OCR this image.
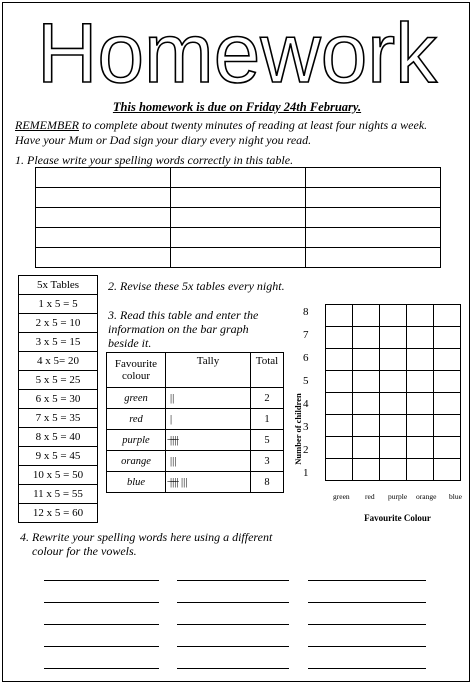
Homework
This homework is due on Friday 24th February.
REMEMBER to complete about twenty minutes of reading at least four nights a week.
Have your Mum or Dad sign your diary every night you read.
1. Please write your spelling words correctly in this table.

5x Tables
1 x 5 = 5
2 x 5 = 10
3 x 5 = 15
4 x 5= 20
5 x 5 = 25
6 x 5 = 30
7 x 5 = 35
8 x 5 = 40
9 x 5 = 45
10 x 5 = 50
11 x 5 = 55
12 x 5 = 60
2. Revise these 5x tables every night.
3. Read this table and enter the
information on the bar graph
beside it.
Favourite colour	Tally	Total
green	||	2
red	|	1
purple	̶|̶|̶|̶|	5
orange	|||	3
blue	̶|̶|̶|̶| |||	8
Number of children
8
7
6
5
4
3
2
1

green red purple orange blue
Favourite Colour
4. Rewrite your spelling words here using a different
colour for the vowels.
